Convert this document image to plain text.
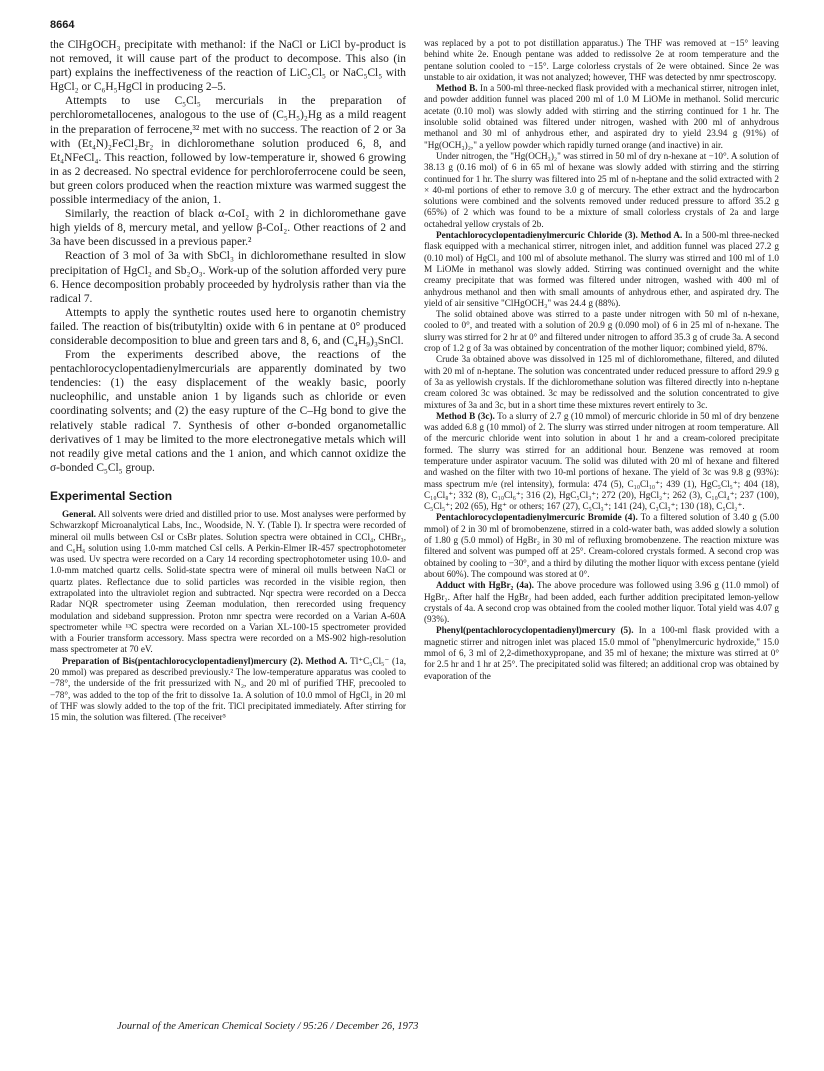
8664

the ClHgOCH₃ precipitate with methanol: if the NaCl or LiCl by-product is not removed, it will cause part of the product to decompose. This also (in part) explains the ineffectiveness of the reaction of LiC₅Cl₅ or NaC₅Cl₅ with HgCl₂ or C₆H₅HgCl in producing 2–5.

Attempts to use C₅Cl₅ mercurials in the preparation of perchlorometallocenes, analogous to the use of (C₅H₅)₂Hg as a mild reagent in the preparation of ferrocene,³² met with no success. The reaction of 2 or 3a with (Et₄N)₂FeCl₂Br₂ in dichloromethane solution produced 6, 8, and Et₄NFeCl₄. This reaction, followed by low-temperature ir, showed 6 growing in as 2 decreased. No spectral evidence for perchloroferrocene could be seen, but green colors produced when the reaction mixture was warmed suggest the possible intermediacy of the anion, 1.

Similarly, the reaction of black α-CoI₂ with 2 in dichloromethane gave high yields of 8, mercury metal, and yellow β-CoI₂. Other reactions of 2 and 3a have been discussed in a previous paper.²

Reaction of 3 mol of 3a with SbCl₃ in dichloromethane resulted in slow precipitation of HgCl₂ and Sb₂O₃. Work-up of the solution afforded very pure 6. Hence decomposition probably proceeded by hydrolysis rather than via the radical 7.

Attempts to apply the synthetic routes used here to organotin chemistry failed. The reaction of bis(tributyltin) oxide with 6 in pentane at 0° produced considerable decomposition to blue and green tars and 8, 6, and (C₄H₉)₃SnCl.

From the experiments described above, the reactions of the pentachlorocyclopentadienylmercurials are apparently dominated by two tendencies: (1) the easy displacement of the weakly basic, poorly nucleophilic, and unstable anion 1 by ligands such as chloride or even coordinating solvents; and (2) the easy rupture of the C–Hg bond to give the relatively stable radical 7. Synthesis of other σ-bonded organometallic derivatives of 1 may be limited to the more electronegative metals which will not readily give metal cations and the 1 anion, and which cannot oxidize the σ-bonded C₅Cl₅ group.

Experimental Section

General. All solvents were dried and distilled prior to use. Most analyses were performed by Schwarzkopf Microanalytical Labs, Inc., Woodside, N. Y. (Table I). Ir spectra were recorded of mineral oil mulls between CsI or CsBr plates. Solution spectra were obtained in CCl₄, CHBr₃, and C₆H₆ solution using 1.0-mm matched CsI cells. A Perkin-Elmer IR-457 spectrophotometer was used. Uv spectra were recorded on a Cary 14 recording spectrophotometer using 10.0- and 1.0-mm matched quartz cells. Solid-state spectra were of mineral oil mulls between NaCl or quartz plates. Reflectance due to solid particles was recorded in the visible region, then extrapolated into the ultraviolet region and subtracted. Nqr spectra were recorded on a Decca Radar NQR spectrometer using Zeeman modulation, then rerecorded using frequency modulation and sideband suppression. Proton nmr spectra were recorded on a Varian A-60A spectrometer while ¹³C spectra were recorded on a Varian XL-100-15 spectrometer provided with a Fourier transform accessory. Mass spectra were recorded on a MS-902 high-resolution mass spectrometer at 70 eV.

Preparation of Bis(pentachlorocyclopentadienyl)mercury (2). Method A. Tl⁺C₅Cl₅⁻ (1a, 20 mmol) was prepared as described previously.² The low-temperature apparatus was cooled to −78°, the underside of the frit pressurized with N₂, and 20 ml of purified THF, precooled to −78°, was added to the top of the frit to dissolve 1a. A solution of 10.0 mmol of HgCl₂ in 20 ml of THF was slowly added to the top of the frit. TlCl precipitated immediately. After stirring for 15 min, the solution was filtered. (The receiver⁵

was replaced by a pot to pot distillation apparatus.) The THF was removed at −15° leaving behind white 2e. Enough pentane was added to redissolve 2e at room temperature and the pentane solution cooled to −15°. Large colorless crystals of 2e were obtained. Since 2e was unstable to air oxidation, it was not analyzed; however, THF was detected by nmr spectroscopy.

Method B. In a 500-ml three-necked flask provided with a mechanical stirrer, nitrogen inlet, and powder addition funnel was placed 200 ml of 1.0 M LiOMe in methanol. Solid mercuric acetate (0.10 mol) was slowly added with stirring and the stirring continued for 1 hr. The insoluble solid obtained was filtered under nitrogen, washed with 200 ml of anhydrous methanol and 30 ml of anhydrous ether, and aspirated dry to yield 23.94 g (91%) of "Hg(OCH₃)₂," a yellow powder which rapidly turned orange (and inactive) in air.

Under nitrogen, the "Hg(OCH₃)₂" was stirred in 50 ml of dry n-hexane at −10°. A solution of 38.13 g (0.16 mol) of 6 in 65 ml of hexane was slowly added with stirring and the stirring continued for 1 hr. The slurry was filtered into 25 ml of n-heptane and the solid extracted with 2 × 40-ml portions of ether to remove 3.0 g of mercury. The ether extract and the hydrocarbon solutions were combined and the solvents removed under reduced pressure to afford 35.2 g (65%) of 2 which was found to be a mixture of small colorless crystals of 2a and large octahedral yellow crystals of 2b.

Pentachlorocyclopentadienylmercuric Chloride (3). Method A. In a 500-ml three-necked flask equipped with a mechanical stirrer, nitrogen inlet, and addition funnel was placed 27.2 g (0.10 mol) of HgCl₂ and 100 ml of absolute methanol. The slurry was stirred and 100 ml of 1.0 M LiOMe in methanol was slowly added. Stirring was continued overnight and the white creamy precipitate that was formed was filtered under nitrogen, washed with 400 ml of anhydrous methanol and then with small amounts of anhydrous ether, and aspirated dry. The yield of air sensitive "ClHgOCH₃" was 24.4 g (88%).

The solid obtained above was stirred to a paste under nitrogen with 50 ml of n-hexane, cooled to 0°, and treated with a solution of 20.9 g (0.090 mol) of 6 in 25 ml of n-hexane. The slurry was stirred for 2 hr at 0° and filtered under nitrogen to afford 35.3 g of crude 3a. A second crop of 1.2 g of 3a was obtained by concentration of the mother liquor; combined yield, 87%.

Crude 3a obtained above was dissolved in 125 ml of dichloromethane, filtered, and diluted with 20 ml of n-heptane. The solution was concentrated under reduced pressure to afford 29.9 g of 3a as yellowish crystals. If the dichloromethane solution was filtered directly into n-heptane cream colored 3c was obtained. 3c may be redissolved and the solution concentrated to give mixtures of 3a and 3c, but in a short time these mixtures revert entirely to 3c.

Method B (3c). To a slurry of 2.7 g (10 mmol) of mercuric chloride in 50 ml of dry benzene was added 6.8 g (10 mmol) of 2. The slurry was stirred under nitrogen at room temperature. All of the mercuric chloride went into solution in about 1 hr and a cream-colored precipitate formed. The slurry was stirred for an additional hour. Benzene was removed at room temperature under aspirator vacuum. The solid was diluted with 20 ml of hexane and filtered and washed on the filter with two 10-ml portions of hexane. The yield of 3c was 9.8 g (93%): mass spectrum m/e (rel intensity), formula: 474 (5), C₁₀Cl₁₀⁺; 439 (1), HgC₅Cl₅⁺; 404 (18), C₁₀Cl₈⁺; 332 (8), C₁₀Cl₆⁺; 316 (2), HgC₅Cl₃⁺; 272 (20), HgCl₂⁺; 262 (3), C₁₀Cl₄⁺; 237 (100), C₅Cl₅⁺; 202 (65), Hg⁺ or others; 167 (27), C₅Cl₃⁺; 141 (24), C₃Cl₃⁺; 130 (18), C₅Cl₂⁺.

Pentachlorocyclopentadienylmercuric Bromide (4). To a filtered solution of 3.40 g (5.00 mmol) of 2 in 30 ml of bromobenzene, stirred in a cold-water bath, was added slowly a solution of 1.80 g (5.0 mmol) of HgBr₂ in 30 ml of refluxing bromobenzene. The reaction mixture was filtered and solvent was pumped off at 25°. Cream-colored crystals formed. A second crop was obtained by cooling to −30°, and a third by diluting the mother liquor with excess pentane (yield about 60%). The compound was stored at 0°.

Adduct with HgBr₂ (4a). The above procedure was followed using 3.96 g (11.0 mmol) of HgBr₂. After half the HgBr₂ had been added, each further addition precipitated lemon-yellow crystals of 4a. A second crop was obtained from the cooled mother liquor. Total yield was 4.07 g (93%).

Phenyl(pentachlorocyclopentadienyl)mercury (5). In a 100-ml flask provided with a magnetic stirrer and nitrogen inlet was placed 15.0 mmol of "phenylmercuric hydroxide," 15.0 mmol of 6, 3 ml of 2,2-dimethoxypropane, and 35 ml of hexane; the mixture was stirred at 0° for 2.5 hr and 1 hr at 25°. The precipitated solid was filtered; an additional crop was obtained by evaporation of the

Journal of the American Chemical Society / 95:26 / December 26, 1973
